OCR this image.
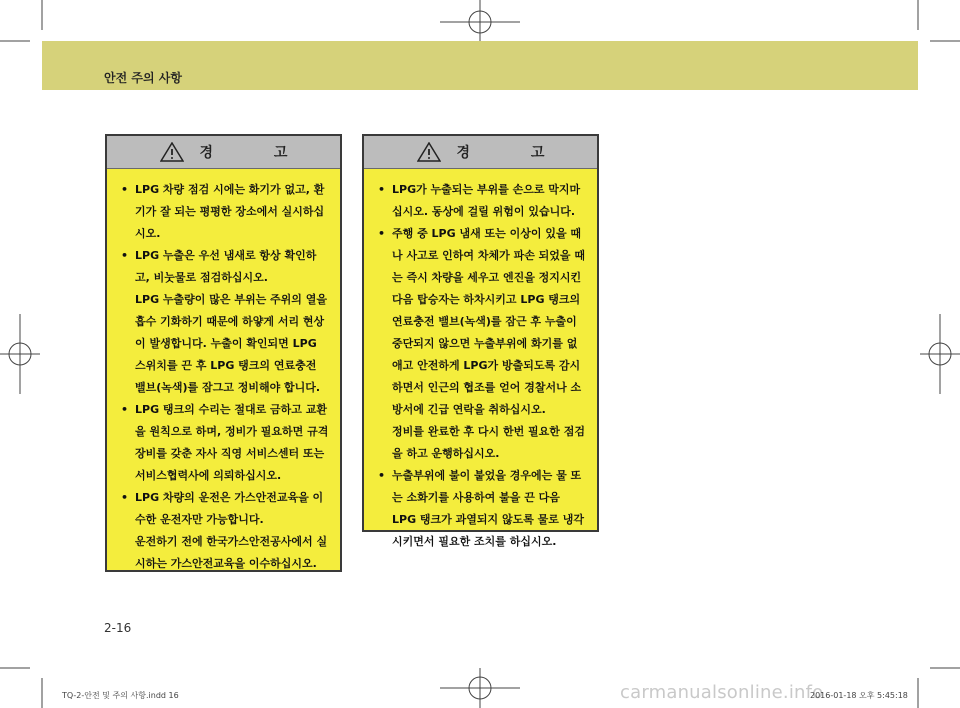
안전 주의 사항
경 고
• LPG 차량 점검 시에는 화기가 없고, 환기가 잘 되는 평평한 장소에서 실시하십시오.
• LPG 누출은 우선 냄새로 항상 확인하고, 비눗물로 점검하십시오.
LPG 누출량이 많은 부위는 주위의 열을 흡수 기화하기 때문에 하얗게 서리 현상이 발생합니다. 누출이 확인되면 LPG 스위치를 끈 후 LPG 탱크의 연료충전 밸브(녹색)를 잠그고 정비해야 합니다.
• LPG 탱크의 수리는 절대로 금하고 교환을 원칙으로 하며, 정비가 필요하면 규격장비를 갖춘 자사 직영 서비스센터 또는 서비스협력사에 의뢰하십시오.
• LPG 차량의 운전은 가스안전교육을 이수한 운전자만 가능합니다.
운전하기 전에 한국가스안전공사에서 실시하는 가스안전교육을 이수하십시오.
경 고
• LPG가 누출되는 부위를 손으로 막지마십시오. 동상에 걸릴 위험이 있습니다.
• 주행 중 LPG 냄새 또는 이상이 있을 때나 사고로 인하여 차체가 파손 되었을 때는 즉시 차량을 세우고 엔진을 정지시킨 다음 탑승자는 하차시키고 LPG 탱크의 연료충전 밸브(녹색)를 잠근 후 누출이 중단되지 않으면 누출부위에 화기를 없애고 안전하게 LPG가 방출되도록 감시하면서 인근의 협조를 얻어 경찰서나 소방서에 긴급 연락을 취하십시오.
정비를 완료한 후 다시 한번 필요한 점검을 하고 운행하십시오.
• 누출부위에 불이 붙었을 경우에는 물 또는 소화기를 사용하여 불을 끈 다음 LPG 탱크가 과열되지 않도록 물로 냉각시키면서 필요한 조치를 하십시오.
2-16
carmanualsonline.info
TQ-2-안전 및 주의 사항.indd 16	2016-01-18 오후 5:45:18
